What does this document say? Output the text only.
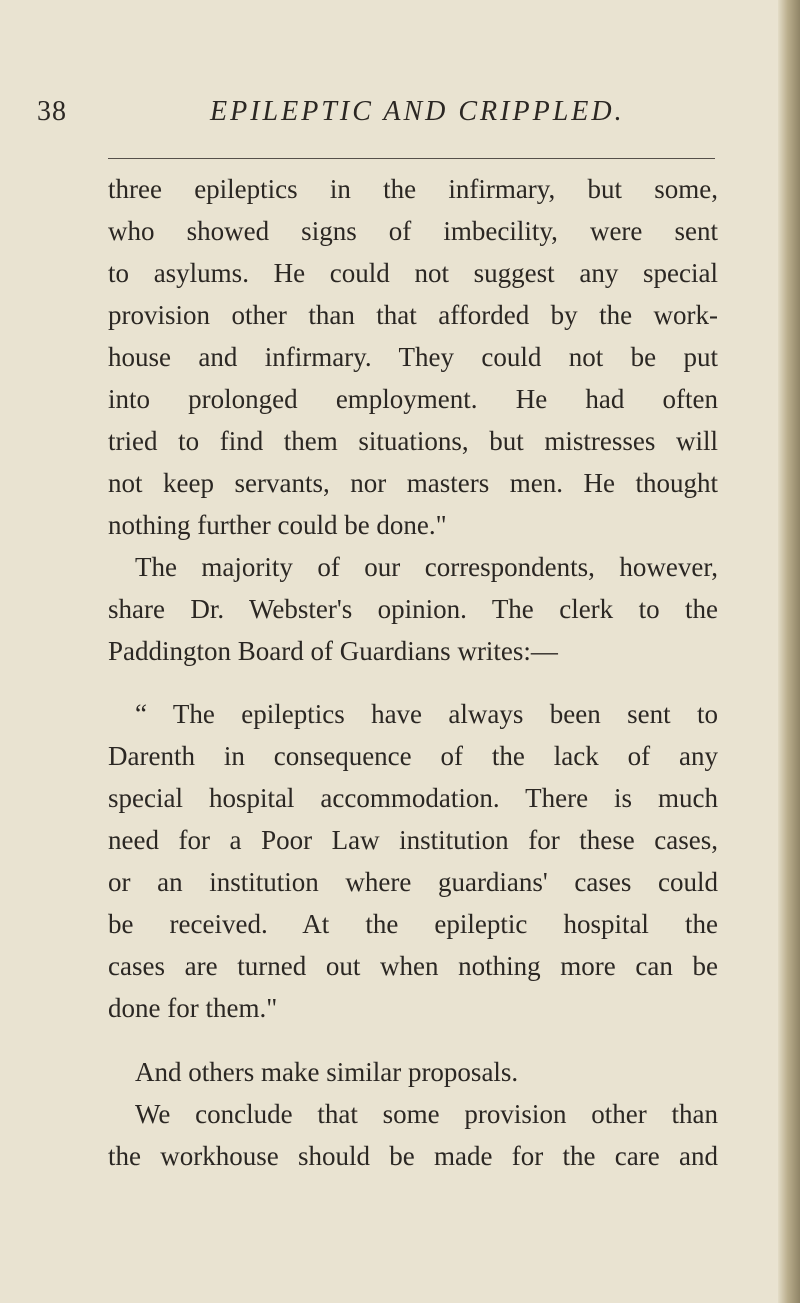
38	EPILEPTIC AND CRIPPLED.
three epileptics in the infirmary, but some,
who showed signs of imbecility, were sent
to asylums. He could not suggest any special
provision other than that afforded by the work-
house and infirmary. They could not be put
into prolonged employment. He had often
tried to find them situations, but mistresses will
not keep servants, nor masters men. He thought
nothing further could be done."
The majority of our correspondents, however,
share Dr. Webster's opinion. The clerk to the
Paddington Board of Guardians writes:—
“ The epileptics have always been sent to
Darenth in consequence of the lack of any
special hospital accommodation. There is much
need for a Poor Law institution for these cases,
or an institution where guardians' cases could
be received. At the epileptic hospital the
cases are turned out when nothing more can be
done for them."
And others make similar proposals.
We conclude that some provision other than
the workhouse should be made for the care and
